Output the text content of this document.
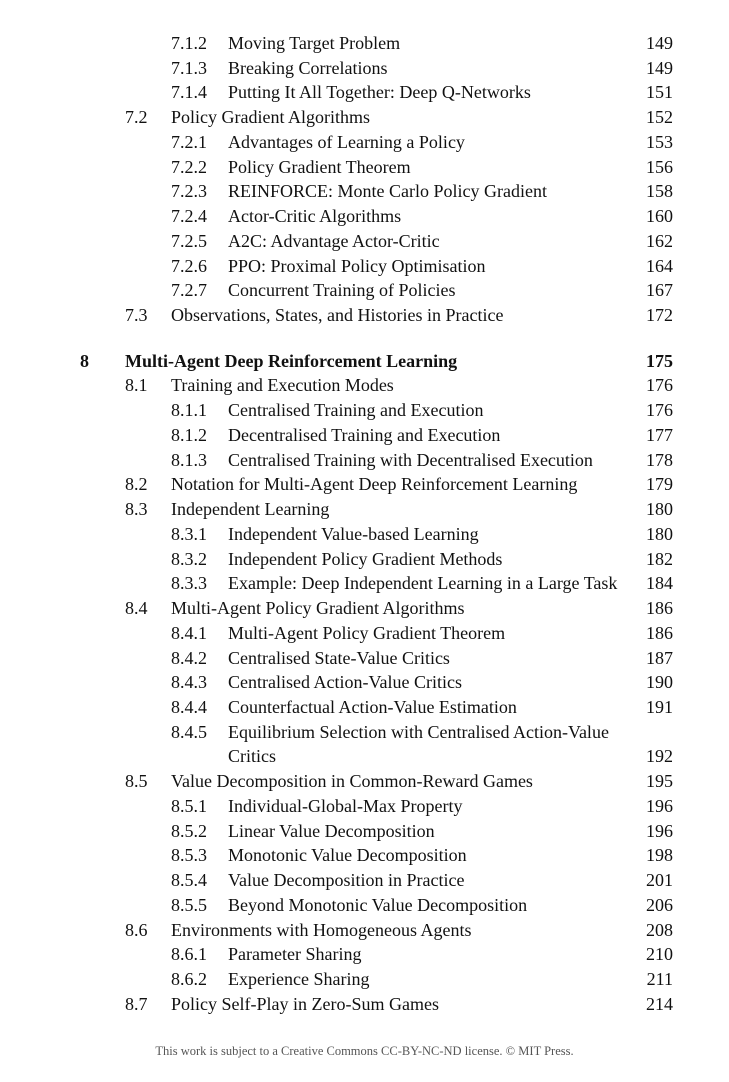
7.1.2 Moving Target Problem	149
7.1.3 Breaking Correlations	149
7.1.4 Putting It All Together: Deep Q-Networks	151
7.2 Policy Gradient Algorithms	152
7.2.1 Advantages of Learning a Policy	153
7.2.2 Policy Gradient Theorem	156
7.2.3 REINFORCE: Monte Carlo Policy Gradient	158
7.2.4 Actor-Critic Algorithms	160
7.2.5 A2C: Advantage Actor-Critic	162
7.2.6 PPO: Proximal Policy Optimisation	164
7.2.7 Concurrent Training of Policies	167
7.3 Observations, States, and Histories in Practice	172
8 Multi-Agent Deep Reinforcement Learning	175
8.1 Training and Execution Modes	176
8.1.1 Centralised Training and Execution	176
8.1.2 Decentralised Training and Execution	177
8.1.3 Centralised Training with Decentralised Execution	178
8.2 Notation for Multi-Agent Deep Reinforcement Learning	179
8.3 Independent Learning	180
8.3.1 Independent Value-based Learning	180
8.3.2 Independent Policy Gradient Methods	182
8.3.3 Example: Deep Independent Learning in a Large Task 184
8.4 Multi-Agent Policy Gradient Algorithms	186
8.4.1 Multi-Agent Policy Gradient Theorem	186
8.4.2 Centralised State-Value Critics	187
8.4.3 Centralised Action-Value Critics	190
8.4.4 Counterfactual Action-Value Estimation	191
8.4.5 Equilibrium Selection with Centralised Action-Value
Critics	192
8.5 Value Decomposition in Common-Reward Games	195
8.5.1 Individual-Global-Max Property	196
8.5.2 Linear Value Decomposition	196
8.5.3 Monotonic Value Decomposition	198
8.5.4 Value Decomposition in Practice	201
8.5.5 Beyond Monotonic Value Decomposition	206
8.6 Environments with Homogeneous Agents	208
8.6.1 Parameter Sharing	210
8.6.2 Experience Sharing	211
8.7 Policy Self-Play in Zero-Sum Games	214
This work is subject to a Creative Commons CC-BY-NC-ND license. © MIT Press.
